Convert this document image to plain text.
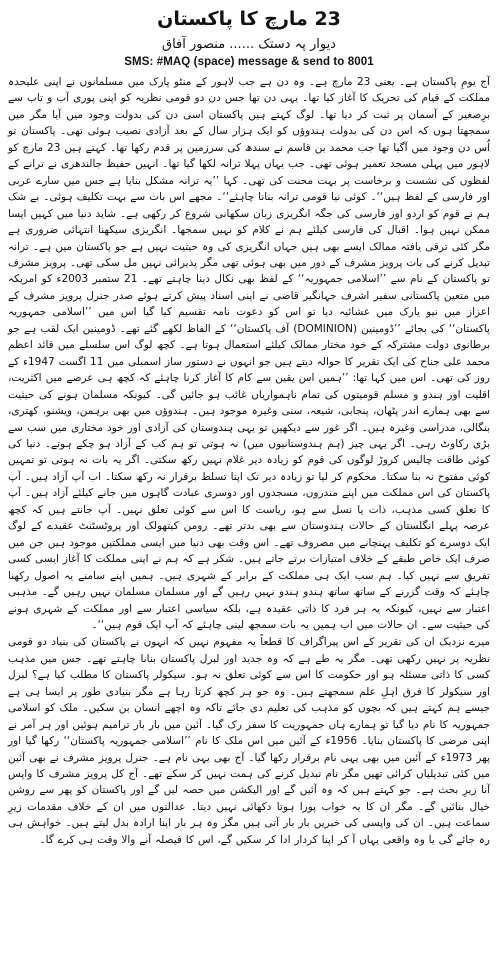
23 مارچ کا پاکستان
دیوار پہ دستک ...... منصور آفاق
SMS: #MAQ (space) message & send to 8001

آج یومِ پاکستان ہے۔ یعنی 23 مارچ ہے۔ وہ دن ہے جب لاہور کے منٹو پارک میں مسلمانوں نے اپنی علیحدہ مملکت کے قیام کی تحریک کا آغاز کیا تھا۔ یہی دن تھا جس دن دو قومی نظریہ کو اپنی پوری آب و تاب سے برِصغیر کے آسمان پر ثبت کر دیا تھا۔ لوگ کہتے ہیں پاکستان اسی دن کی بدولت وجود میں آیا مگر میں سمجھتا ہوں کہ اس دن کی بدولت ہندوؤں کو ایک ہزار سال کے بعد آزادی نصیب ہوئی تھی۔ پاکستان تو اُس دن وجود میں آگیا تھا جب محمد بن قاسم نے سندھ کی سرزمین پر قدم رکھا تھا۔ کہتے ہیں 23 مارچ کو لاہور میں پہلی مسجد تعمیر ہوئی تھی۔ جب یہاں پہلا ترانہ لکھا گیا تھا۔ انہیں حفیظ جالندھری نے ترانے کے لفظوں کی نشست و برخاست پر بہت محنت کی تھی۔ کہا ’’یہ ترانہ مشکل بنایا ہے جس میں سارے عربی اور فارسی کے لفظ ہیں‘‘۔ کوئی نیا قومی ترانہ بنانا چاہئے‘‘۔ مجھے اس بات سے بہت تکلیف ہوئی۔ بے شک ہم نے قوم کو اردو اور فارسی کی جگہ انگریزی زبان سکھانی شروع کر رکھی ہے۔ شاید دنیا میں کہیں ایسا ممکن نہیں ہوا۔ اقبال کی فارسی کیلئے ہم نے کلام کو نہیں سمجھا۔ انگریزی سیکھنا انتہائی ضروری ہے مگر کئی ترقی یافتہ ممالک ایسے بھی ہیں جہاں انگریزی کی وہ حیثیت نہیں ہے جو پاکستان میں ہے۔ ترانہ تبدیل کرنے کی بات پرویز مشرف کے دور میں بھی ہوئی تھی مگر پذیرائی نہیں مل سکی تھی۔ پرویز مشرف تو پاکستان کے نام سے ’’اسلامی جمہوریہ‘‘ کے لفظ بھی نکال دینا چاہتے تھے۔ 21 ستمبر 2003ء کو امریکہ میں متعین پاکستانی سفیر اشرف جہانگیر قاضی نے اپنی اسناد پیش کرتے ہوئے صدر جنرل پرویز مشرف کے اعزاز میں نیو یارک میں عشائیہ دیا تو اس کو دعوت نامہ تقسیم کیا گیا اس میں ’’اسلامی جمہوریہ پاکستان‘‘ کی بجائے ’’ڈومینین (DOMINION) آف پاکستان‘‘ کے الفاظ لکھے گئے تھے۔ ڈومینین ایک لقب ہے جو برطانوی دولت مشترکہ کے خود مختار ممالک کیلئے استعمال ہوتا ہے۔ کچھ لوگ اس سلسلے میں قائد اعظم محمد علی جناح کی ایک تقریر کا حوالہ دیتے ہیں جو انہوں نے دستور ساز اسمبلی میں 11 اگست 1947ء کے روز کی تھی۔ اس میں کہا تھا: ’’ہمیں اس یقین سے کام کا آغاز کرنا چاہئے کہ کچھ ہی عرصے میں اکثریت، اقلیت اور ہندو و مسلم قومیتوں کی تمام ناہمواریاں غائب ہو جائیں گی۔ کیونکہ مسلمان ہونے کی حیثیت سے بھی ہمارے اندر پٹھان، پنجابی، شیعہ، سنی وغیرہ موجود ہیں۔ ہندوؤں میں بھی برہمن، ویشنو، کھتری، بنگالی، مدراسی وغیرہ ہیں۔ اگر غور سے دیکھیں تو یہی ہندوستان کی آزادی اور خود مختاری میں سب سے بڑی رکاوٹ رہی۔ اگر یہی چیز (ہم ہندوستانیوں میں) نہ ہوتی تو ہم کب کے آزاد ہو چکے ہوتے۔ دنیا کی کوئی طاقت چالیس کروڑ لوگوں کی قوم کو زیادہ دیر غلام نہیں رکھ سکتی۔ اگر یہ بات نہ ہوتی تو تمہیں کوئی مفتوح نہ بنا سکتا۔ محکوم کر لیا تو زیادہ دیر تک اپنا تسلط برقرار نہ رکھ سکتا۔ اب آپ آزاد ہیں۔ آپ پاکستان کی اس مملکت میں اپنے مندروں، مسجدوں اور دوسری عبادت گاہوں میں جانے کیلئے آزاد ہیں۔ آپ کا تعلق کسی مذہب، ذات یا نسل سے ہو، ریاست کا اس سے کوئی تعلق نہیں۔ آپ جانتے ہیں کہ کچھ عرصہ پہلے انگلستان کے حالات ہندوستان سے بھی بدتر تھے۔ رومن کیتھولک اور پروٹسٹنٹ عقیدے کے لوگ ایک دوسرے کو تکلیف پہنچانے میں مصروف تھے۔ اس وقت بھی دنیا میں ایسی مملکتیں موجود ہیں جن میں صرف ایک خاص طبقے کے خلاف امتیازات برتے جاتے ہیں۔ شکر ہے کہ ہم نے اپنی مملکت کا آغاز ایسی کسی تفریق سے نہیں کیا۔ ہم سب ایک ہی مملکت کے برابر کے شہری ہیں۔ ہمیں اپنے سامنے یہ اصول رکھنا چاہئے کہ وقت گزرنے کے ساتھ ساتھ ہندو ہندو نہیں رہیں گے اور مسلمان مسلمان نہیں رہیں گے۔ مذہبی اعتبار سے نہیں، کیونکہ یہ ہر فرد کا ذاتی عقیدہ ہے، بلکہ سیاسی اعتبار سے اور مملکت کے شہری ہونے کی حیثیت سے۔ ان حالات میں اب ہمیں یہ بات سمجھ لینی چاہئے کہ آپ ایک قوم ہیں‘‘۔

میرے نزدیک ان کی تقریر کے اس پیراگراف کا قطعاً یہ مفہوم نہیں کہ انہوں نے پاکستان کی بنیاد دو قومی نظریہ پر نہیں رکھی تھی۔ مگر یہ طے ہے کہ وہ جدید اور لبرل پاکستان بنانا چاہتے تھے۔ جس میں مذہب کسی کا ذاتی مسئلہ ہو اور حکومت کا اس سے کوئی تعلق نہ ہو۔ سیکولر پاکستان کا مطلب کیا ہے؟ لبرل اور سیکولر کا فرق اہلِ علم سمجھتے ہیں۔ وہ جو ہر کچھ کرتا رہا ہے مگر بنیادی طور پر ایسا ہی ہے جیسے ہم کہتے ہیں کہ بچوں کو مذہب کی تعلیم دی جائے تاکہ وہ اچھے انسان بن سکیں۔ ملک کو اسلامی جمہوریہ کا نام دیا گیا تو ہمارے ہاں جمہوریت کا سفر رک گیا۔ آئین میں بار بار ترامیم ہوئیں اور ہر آمر نے اپنی مرضی کا پاکستان بنایا۔ 1956ء کے آئین میں اس ملک کا نام ’’اسلامی جمہوریہ پاکستان‘‘ رکھا گیا اور پھر 1973ء کے آئین میں بھی یہی نام برقرار رکھا گیا۔ آج بھی یہی نام ہے۔ جنرل پرویز مشرف نے بھی آئین میں کئی تبدیلیاں کرائی تھیں مگر نام تبدیل کرنے کی ہمت نہیں کر سکے تھے۔ آج کل پرویز مشرف کا واپس آنا زیرِ بحث ہے۔ جو کہتے ہیں کہ وہ آئیں گے اور الیکشن میں حصہ لیں گے اور پاکستان کو پھر سے روشن خیال بنائیں گے۔ مگر ان کا یہ خواب پورا ہوتا دکھائی نہیں دیتا۔ عدالتوں میں ان کے خلاف مقدمات زیرِ سماعت ہیں۔ ان کی واپسی کی خبریں بار بار آتی ہیں مگر وہ ہر بار اپنا ارادہ بدل لیتے ہیں۔ خواہش ہی رہ جائے گی یا وہ واقعی یہاں آ کر اپنا کردار ادا کر سکیں گے، اس کا فیصلہ آنے والا وقت ہی کرے گا۔
